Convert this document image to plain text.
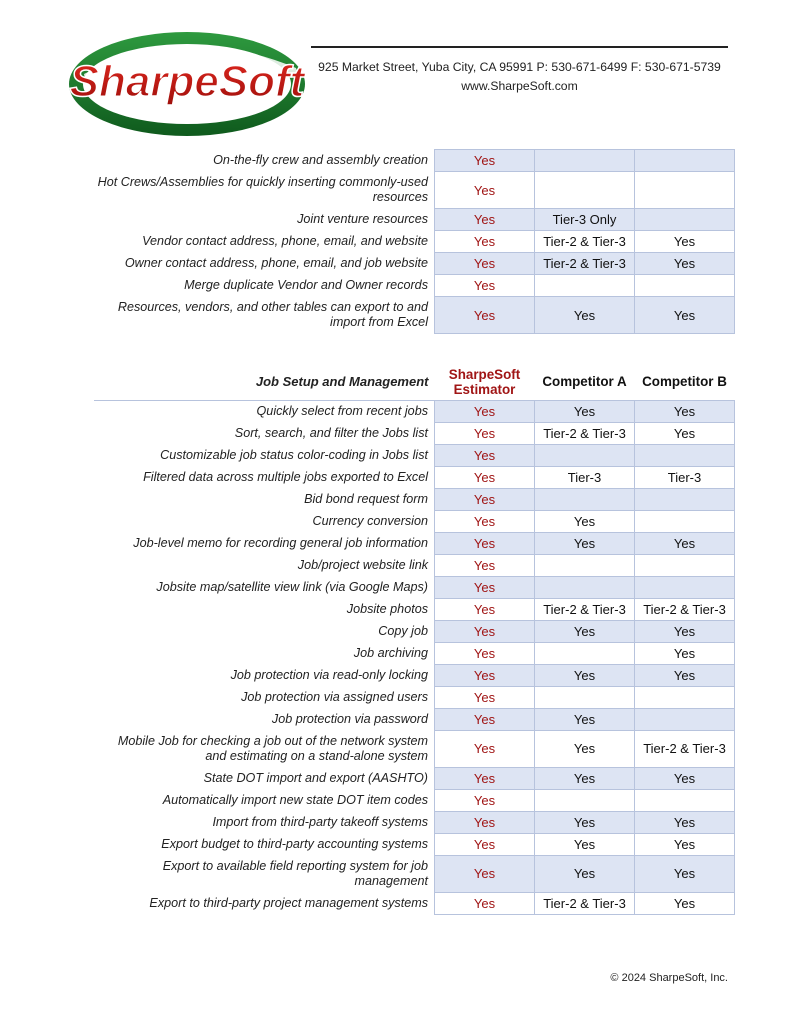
SharpeSoft	925 Market Street, Yuba City, CA 95991 P: 530-671-6499 F: 530-671-5739
www.SharpeSoft.com
On-the-fly crew and assembly creation	Yes		
Hot Crews/Assemblies for quickly inserting commonly-used resources	Yes		
Joint venture resources	Yes	Tier-3 Only	
Vendor contact address, phone, email, and website	Yes	Tier-2 & Tier-3	Yes
Owner contact address, phone, email, and job website	Yes	Tier-2 & Tier-3	Yes
Merge duplicate Vendor and Owner records	Yes		
Resources, vendors, and other tables can export to and import from Excel	Yes	Yes	Yes
Job Setup and Management	SharpeSoft Estimator	Competitor A	Competitor B
Quickly select from recent jobs	Yes	Yes	Yes
Sort, search, and filter the Jobs list	Yes	Tier-2 & Tier-3	Yes
Customizable job status color-coding in Jobs list	Yes		
Filtered data across multiple jobs exported to Excel	Yes	Tier-3	Tier-3
Bid bond request form	Yes		
Currency conversion	Yes	Yes	
Job-level memo for recording general job information	Yes	Yes	Yes
Job/project website link	Yes		
Jobsite map/satellite view link (via Google Maps)	Yes		
Jobsite photos	Yes	Tier-2 & Tier-3	Tier-2 & Tier-3
Copy job	Yes	Yes	Yes
Job archiving	Yes		Yes
Job protection via read-only locking	Yes	Yes	Yes
Job protection via assigned users	Yes		
Job protection via password	Yes	Yes	
Mobile Job for checking a job out of the network system and estimating on a stand-alone system	Yes	Yes	Tier-2 & Tier-3
State DOT import and export (AASHTO)	Yes	Yes	Yes
Automatically import new state DOT item codes	Yes		
Import from third-party takeoff systems	Yes	Yes	Yes
Export budget to third-party accounting systems	Yes	Yes	Yes
Export to available field reporting system for job management	Yes	Yes	Yes
Export to third-party project management systems	Yes	Tier-2 & Tier-3	Yes
© 2024 SharpeSoft, Inc.
